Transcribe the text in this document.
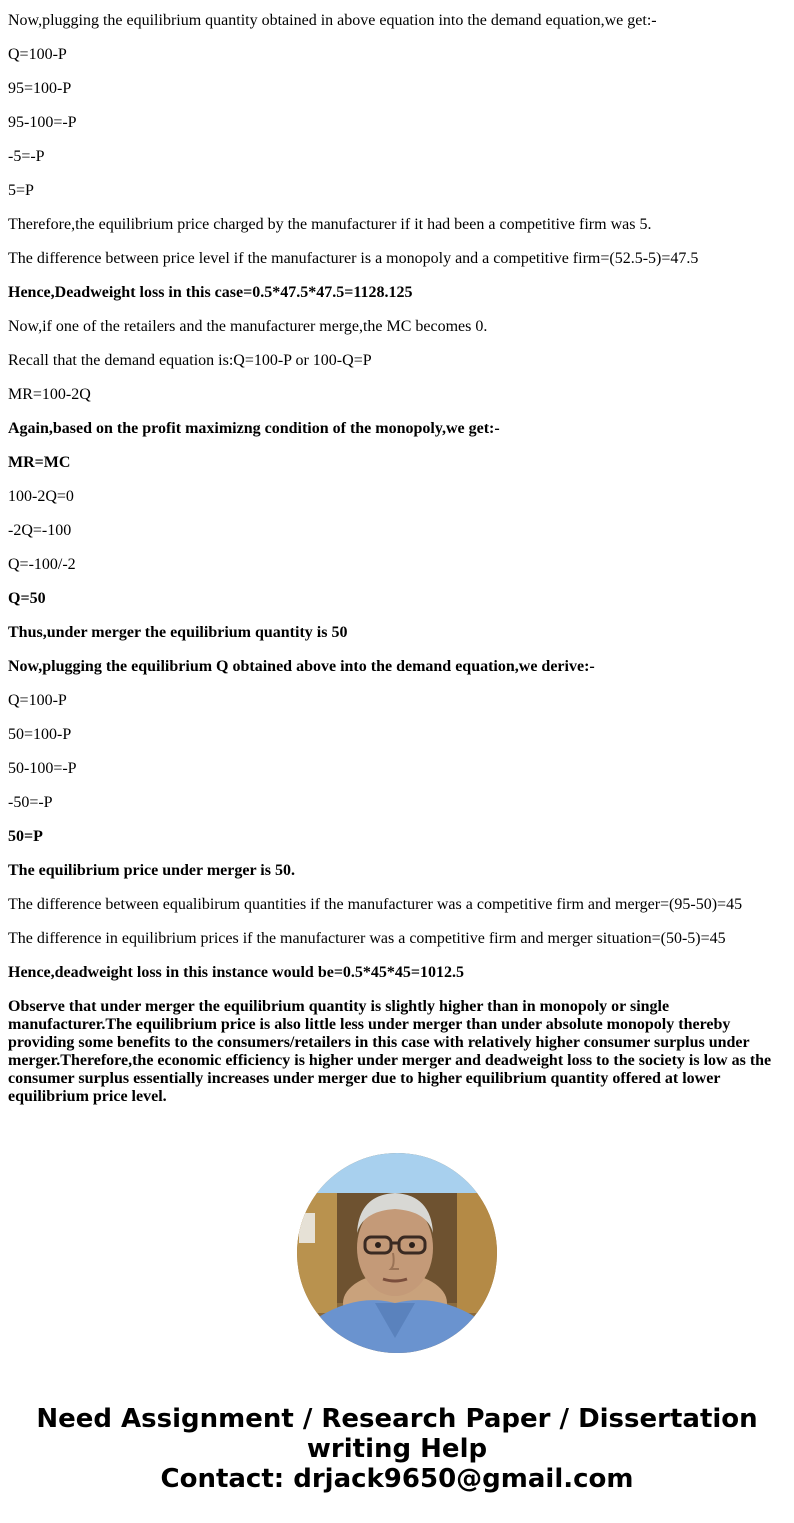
Now,plugging the equilibrium quantity obtained in above equation into the demand equation,we get:-

Q=100-P

95=100-P

95-100=-P

-5=-P

5=P

Therefore,the equilibrium price charged by the manufacturer if it had been a competitive firm was 5.

The difference between price level if the manufacturer is a monopoly and a competitive firm=(52.5-5)=47.5

Hence,Deadweight loss in this case=0.5*47.5*47.5=1128.125

Now,if one of the retailers and the manufacturer merge,the MC becomes 0.

Recall that the demand equation is:Q=100-P or 100-Q=P

MR=100-2Q

Again,based on the profit maximizng condition of the monopoly,we get:-

MR=MC

100-2Q=0

-2Q=-100

Q=-100/-2

Q=50

Thus,under merger the equilibrium quantity is 50

Now,plugging the equilibrium Q obtained above into the demand equation,we derive:-

Q=100-P

50=100-P

50-100=-P

-50=-P

50=P

The equilibrium price under merger is 50.

The difference between equalibirum quantities if the manufacturer was a competitive firm and merger=(95-50)=45

The difference in equilibrium prices if the manufacturer was a competitive firm and merger situation=(50-5)=45

Hence,deadweight loss in this instance would be=0.5*45*45=1012.5

Observe that under merger the equilibrium quantity is slightly higher than in monopoly or single manufacturer.The equilibrium price is also little less under merger than under absolute monopoly thereby providing some benefits to the consumers/retailers in this case with relatively higher consumer surplus under merger.Therefore,the economic efficiency is higher under merger and deadweight loss to the society is low as the consumer surplus essentially increases under merger due to higher equilibrium quantity offered at lower equilibrium price level.

Need Assignment / Research Paper / Dissertation writing Help
Contact: drjack9650@gmail.com
